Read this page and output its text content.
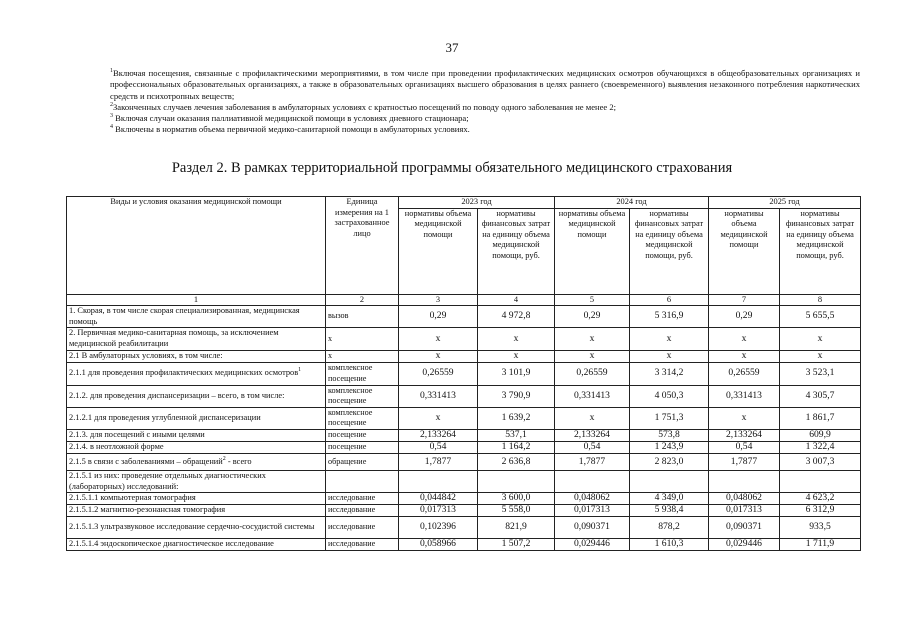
37

$^1$Включая посещения, связанные с профилактическими мероприятиями, в том числе при проведении профилактических медицинских осмотров обучающихся в общеобразовательных организациях и профессиональных образовательных организациях, а также в образовательных организациях высшего образования в целях раннего (своевременного) выявления незаконного потребления наркотических средств и психотропных веществ;

$^2$Законченных случаев лечения заболевания в амбулаторных условиях с кратностью посещений по поводу одного заболевания не менее 2;

$^3$ Включая случаи оказания паллиативной медицинской помощи в условиях дневного стационара;

$^4$ Включены в норматив объема первичной медико-санитарной помощи в амбулаторных условиях.

Раздел 2. В рамках территориальной программы обязательного медицинского страхования
Виды и условия оказания медицинской помощи	Единица измерения на 1 застрахованное лицо	2023 год		2024 год		2025 год	
		нормативы объема медицинской помощи	нормативы финансовых затрат на единицу объема медицинской помощи, руб.	нормативы объема медицинской помощи	нормативы финансовых затрат на единицу объема медицинской помощи, руб.	нормативы объема медицинской помощи	нормативы финансовых затрат на единицу объема медицинской помощи, руб.
1	2	3	4	5	6	7	8
1. Скорая, в том числе скорая специализированная, медицинская помощь	вызов	0,29	4 972,8	0,29	5 316,9	0,29	5 655,5
2. Первичная медико-санитарная помощь, за исключением медицинской реабилитации	х	х	х	х	х	х	х
2.1 В амбулаторных условиях, в том числе:	х	х	х	х	х	х	х
2.1.1 для проведения профилактических медицинских осмотров$^1$	комплексное посещение	0,26559	3 101,9	0,26559	3 314,2	0,26559	3 523,1
2.1.2. для проведения диспансеризации – всего, в том числе:	комплексное посещение	0,331413	3 790,9	0,331413	4 050,3	0,331413	4 305,7
2.1.2.1 для проведения углубленной диспансеризации	комплексное посещение	х	1 639,2	х	1 751,3	х	1 861,7
2.1.3. для посещений с иными целями	посещение	2,133264	537,1	2,133264	573,8	2,133264	609,9
2.1.4. в неотложной форме	посещение	0,54	1 164,2	0,54	1 243,9	0,54	1 322,4
2.1.5 в связи с заболеваниями – обращений$^2$ - всего	обращение	1,7877	2 636,8	1,7877	2 823,0	1,7877	3 007,3
2.1.5.1 из них: проведение отдельных диагностических (лабораторных) исследований:							
2.1.5.1.1 компьютерная томография	исследование	0,044842	3 600,0	0,048062	4 349,0	0,048062	4 623,2
2.1.5.1.2 магнитно-резонансная томография	исследование	0,017313	5 558,0	0,017313	5 938,4	0,017313	6 312,9
2.1.5.1.3 ультразвуковое исследование сердечно-сосудистой системы	исследование	0,102396	821,9	0,090371	878,2	0,090371	933,5
2.1.5.1.4 эндоскопическое диагностическое исследование	исследование	0,058966	1 507,2	0,029446	1 610,3	0,029446	1 711,9
